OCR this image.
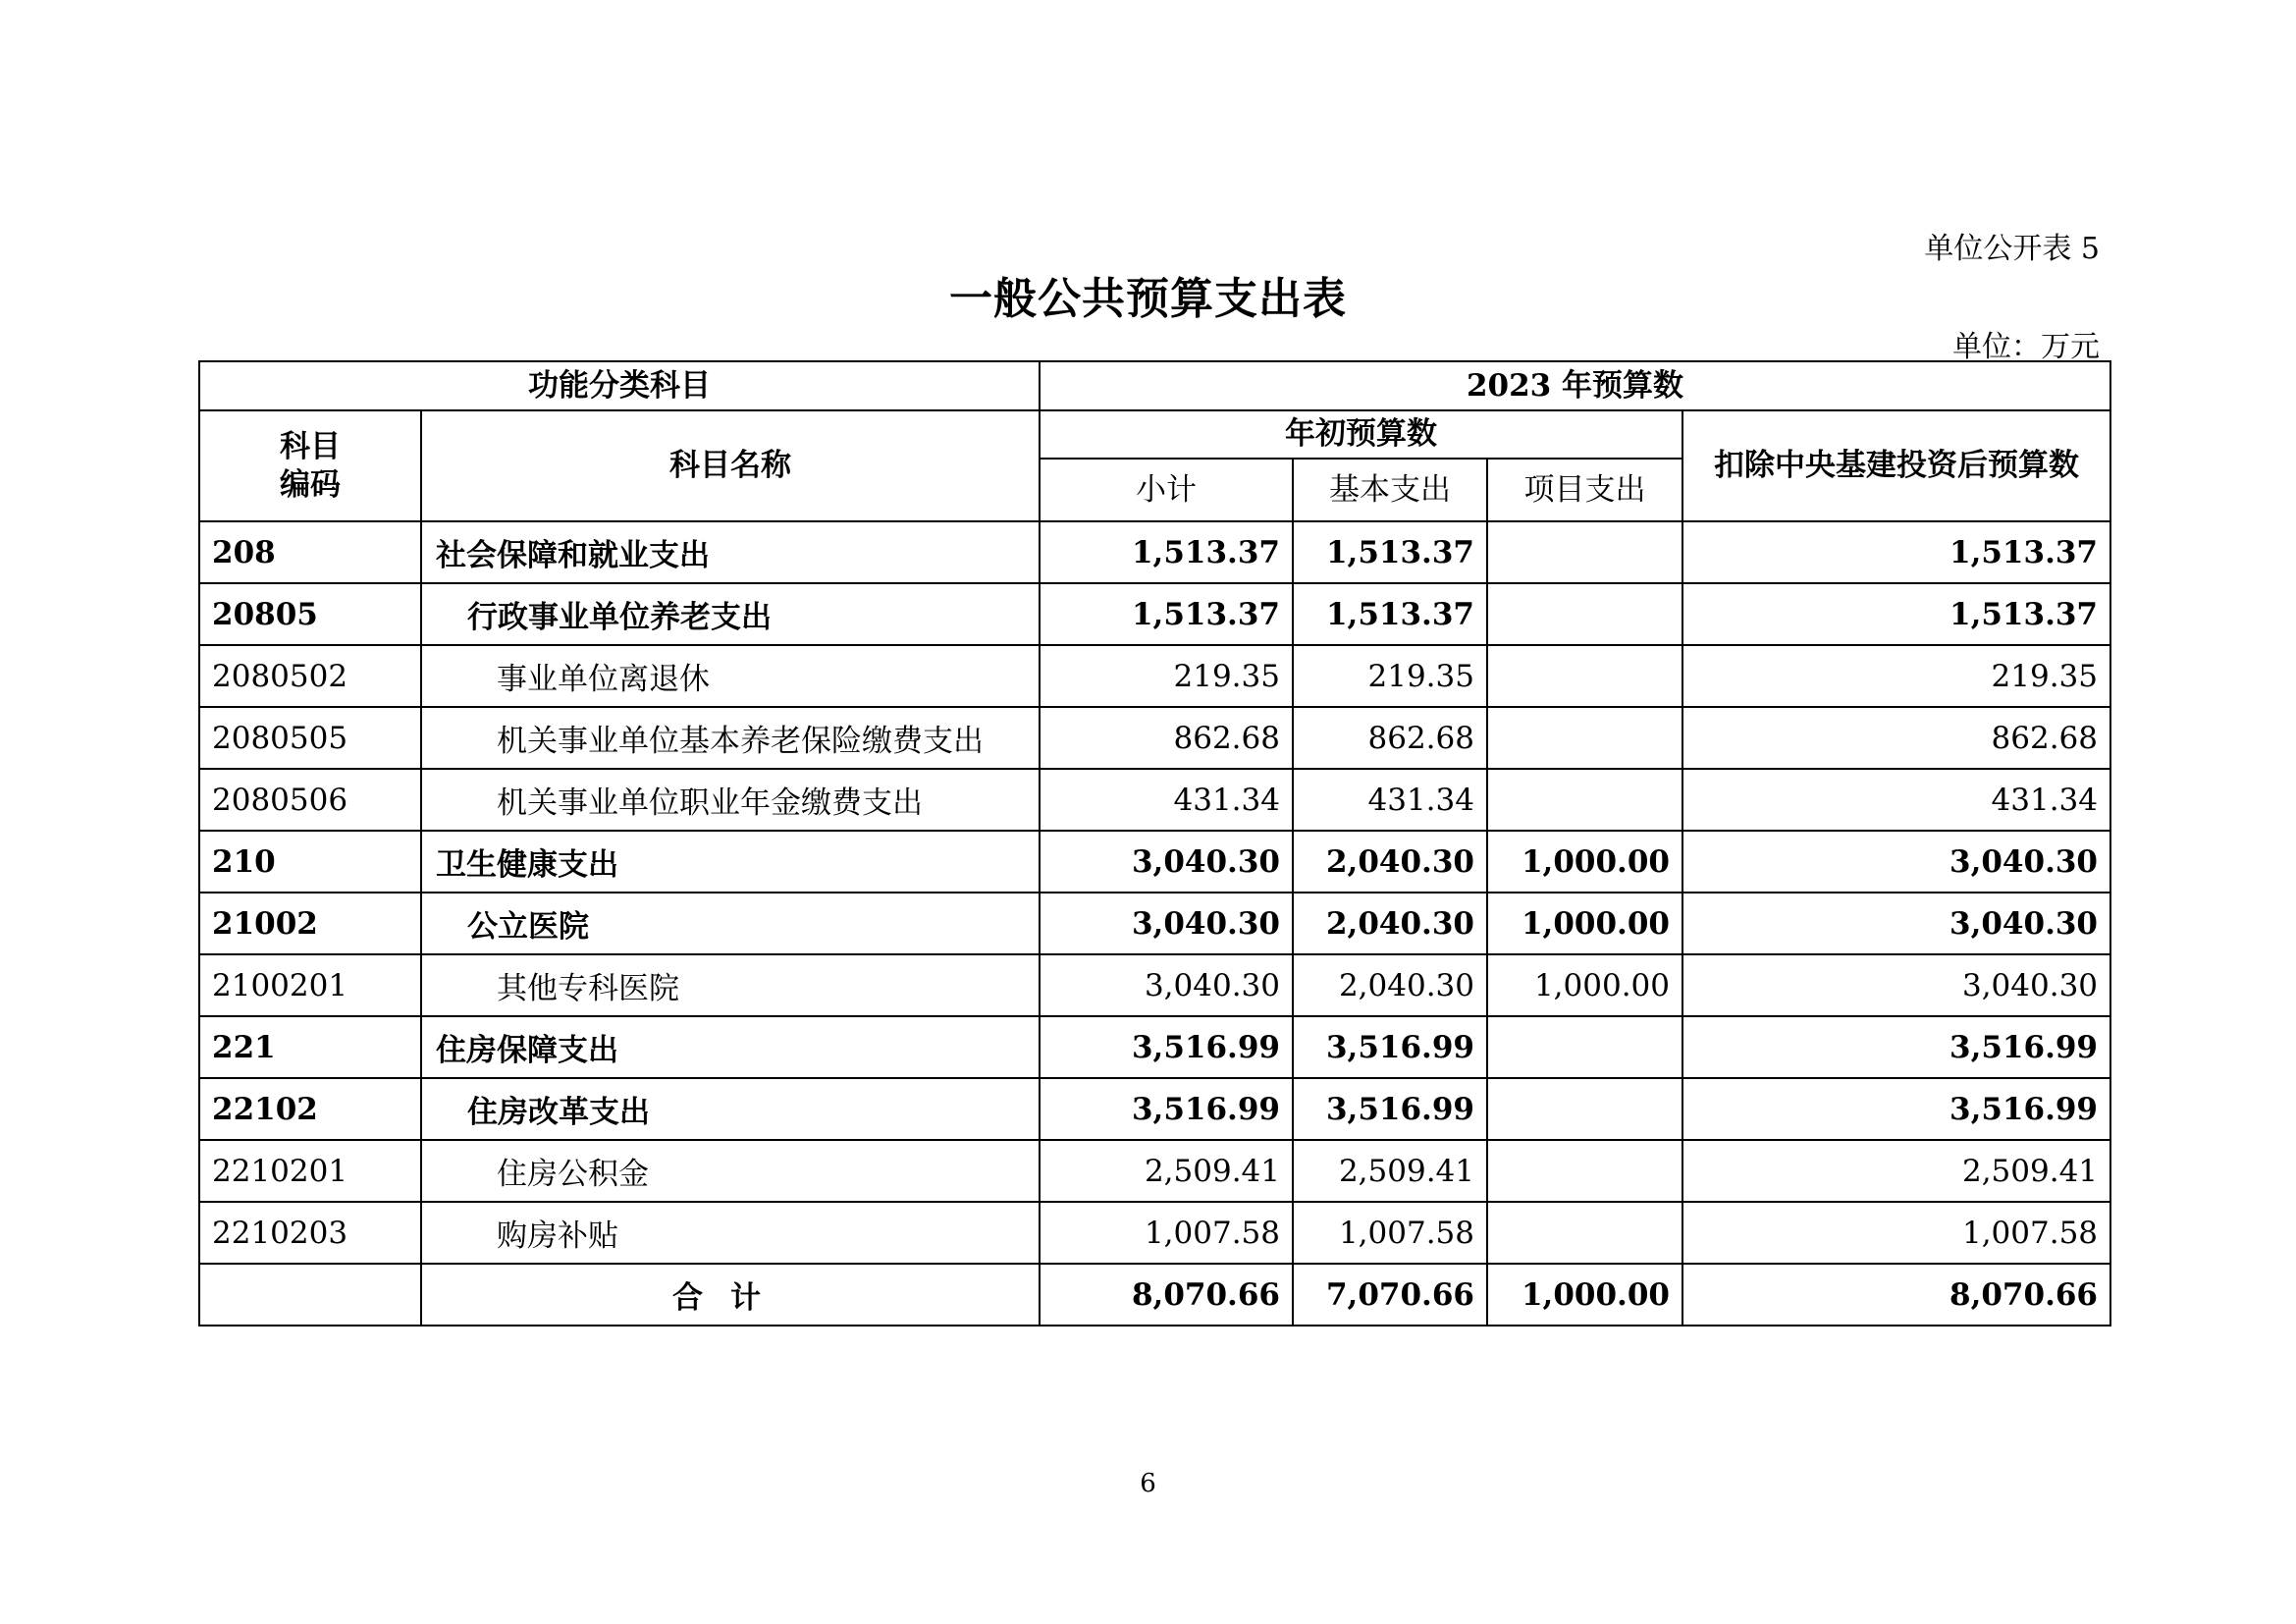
单位公开表 5
一般公共预算支出表
单位：万元
功能分类科目		2023 年预算数			
科目
编码	科目名称	年初预算数			扣除中央基建投资后预算数
		小计	基本支出	项目支出	
208	社会保障和就业支出	1,513.37	1,513.37		1,513.37
20805	行政事业单位养老支出	1,513.37	1,513.37		1,513.37
2080502	事业单位离退休	219.35	219.35		219.35
2080505	机关事业单位基本养老保险缴费支出	862.68	862.68		862.68
2080506	机关事业单位职业年金缴费支出	431.34	431.34		431.34
210	卫生健康支出	3,040.30	2,040.30	1,000.00	3,040.30
21002	公立医院	3,040.30	2,040.30	1,000.00	3,040.30
2100201	其他专科医院	3,040.30	2,040.30	1,000.00	3,040.30
221	住房保障支出	3,516.99	3,516.99		3,516.99
22102	住房改革支出	3,516.99	3,516.99		3,516.99
2210201	住房公积金	2,509.41	2,509.41		2,509.41
2210203	购房补贴	1,007.58	1,007.58		1,007.58
	合计	8,070.66	7,070.66	1,000.00	8,070.66
6
